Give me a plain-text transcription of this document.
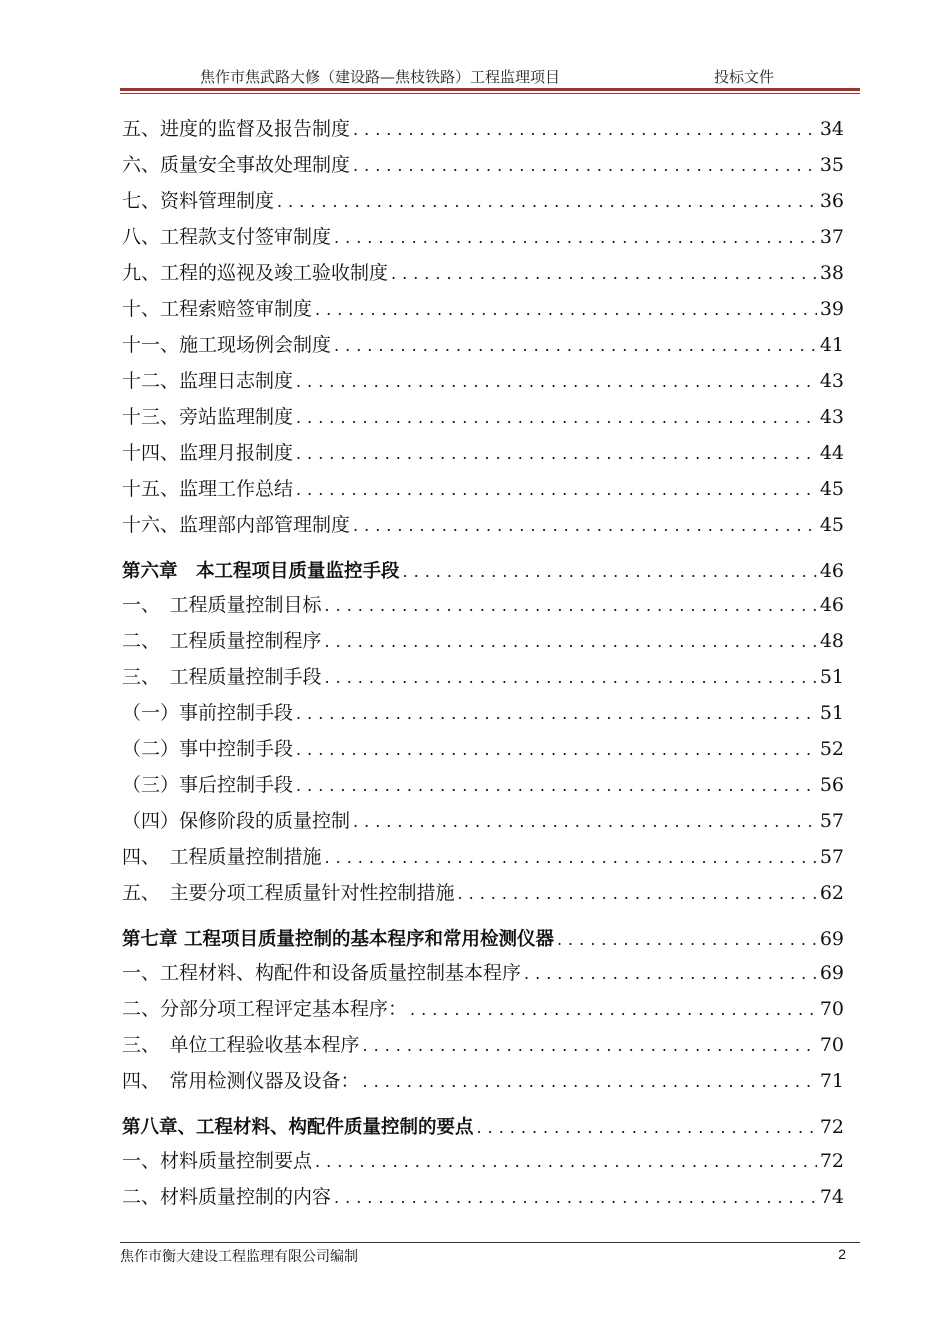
焦作市焦武路大修（建设路—焦枝铁路）工程监理项目	投标文件
五、进度的监督及报告制度 .....	34
六、质量安全事故处理制度 .....	35
七、资料管理制度 .....	36
八、工程款支付签审制度 .....	37
九、工程的巡视及竣工验收制度 .....	38
十、工程索赔签审制度 .....	39
十一、施工现场例会制度 .....	41
十二、监理日志制度 .....	43
十三、旁站监理制度 .....	43
十四、监理月报制度 .....	44
十五、监理工作总结 .....	45
十六、监理部内部管理制度 .....	45
第六章　本工程项目质量监控手段 .....	46
一、　工程质量控制目标 .....	46
二、　工程质量控制程序 .....	48
三、　工程质量控制手段 .....	51
（一）事前控制手段 .....	51
（二）事中控制手段 .....	52
（三）事后控制手段 .....	56
（四）保修阶段的质量控制 .....	57
四、　工程质量控制措施 .....	57
五、　主要分项工程质量针对性控制措施 .....	62
第七章 工程项目质量控制的基本程序和常用检测仪器 .....	69
一、工程材料、构配件和设备质量控制基本程序 .....	69
二、分部分项工程评定基本程序： .....	70
三、　单位工程验收基本程序 .....	70
四、　常用检测仪器及设备： .....	71
第八章、工程材料、构配件质量控制的要点 .....	72
一、材料质量控制要点 .....	72
二、材料质量控制的内容 .....	74
焦作市衡大建设工程监理有限公司编制	2
